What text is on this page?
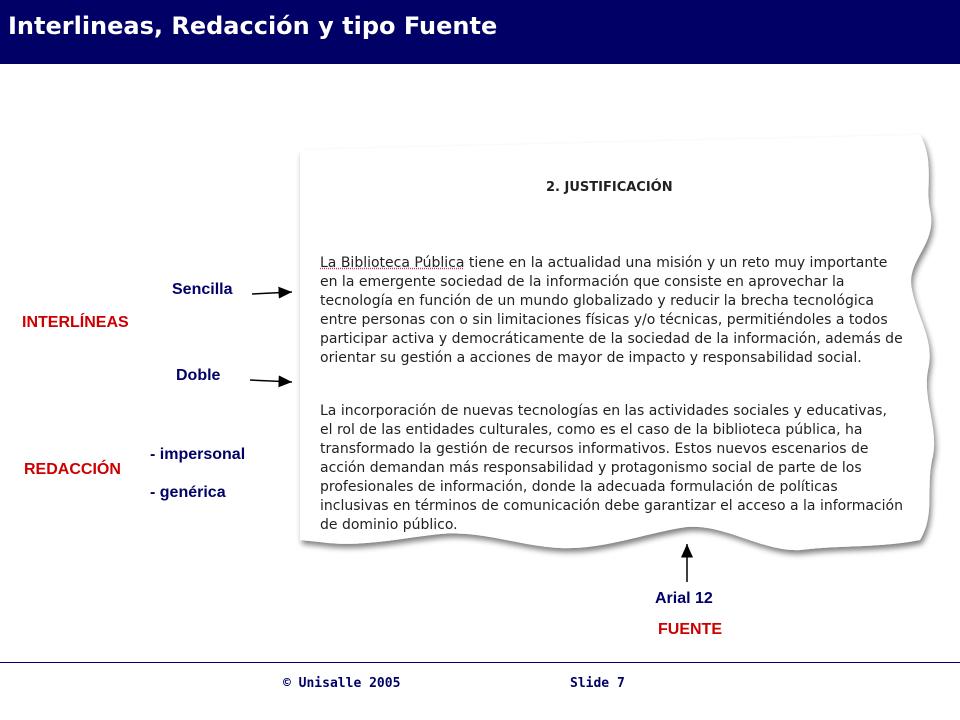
Interlineas, Redacción y tipo Fuente
2. JUSTIFICACIÓN
La Biblioteca Pública tiene en la actualidad una misión y un reto muy importante
en la emergente sociedad de la información que consiste en aprovechar la
tecnología en función de un mundo globalizado y reducir la brecha tecnológica
entre personas con o sin limitaciones físicas y/o técnicas, permitiéndoles a todos
participar activa y democráticamente de la sociedad de la información, además de
orientar su gestión a acciones de mayor de impacto y responsabilidad social.
La incorporación de nuevas tecnologías en las actividades sociales y educativas,
el rol de las entidades culturales, como es el caso de la biblioteca pública, ha
transformado la gestión de recursos informativos. Estos nuevos escenarios de
acción demandan más responsabilidad y protagonismo social de parte de los
profesionales de información, donde la adecuada formulación de políticas
inclusivas en términos de comunicación debe garantizar el acceso a la información
de dominio público.
INTERLÍNEAS
Sencilla
Doble
REDACCIÓN
- impersonal
- genérica
Arial 12
FUENTE
© Unisalle 2005	Slide 7
